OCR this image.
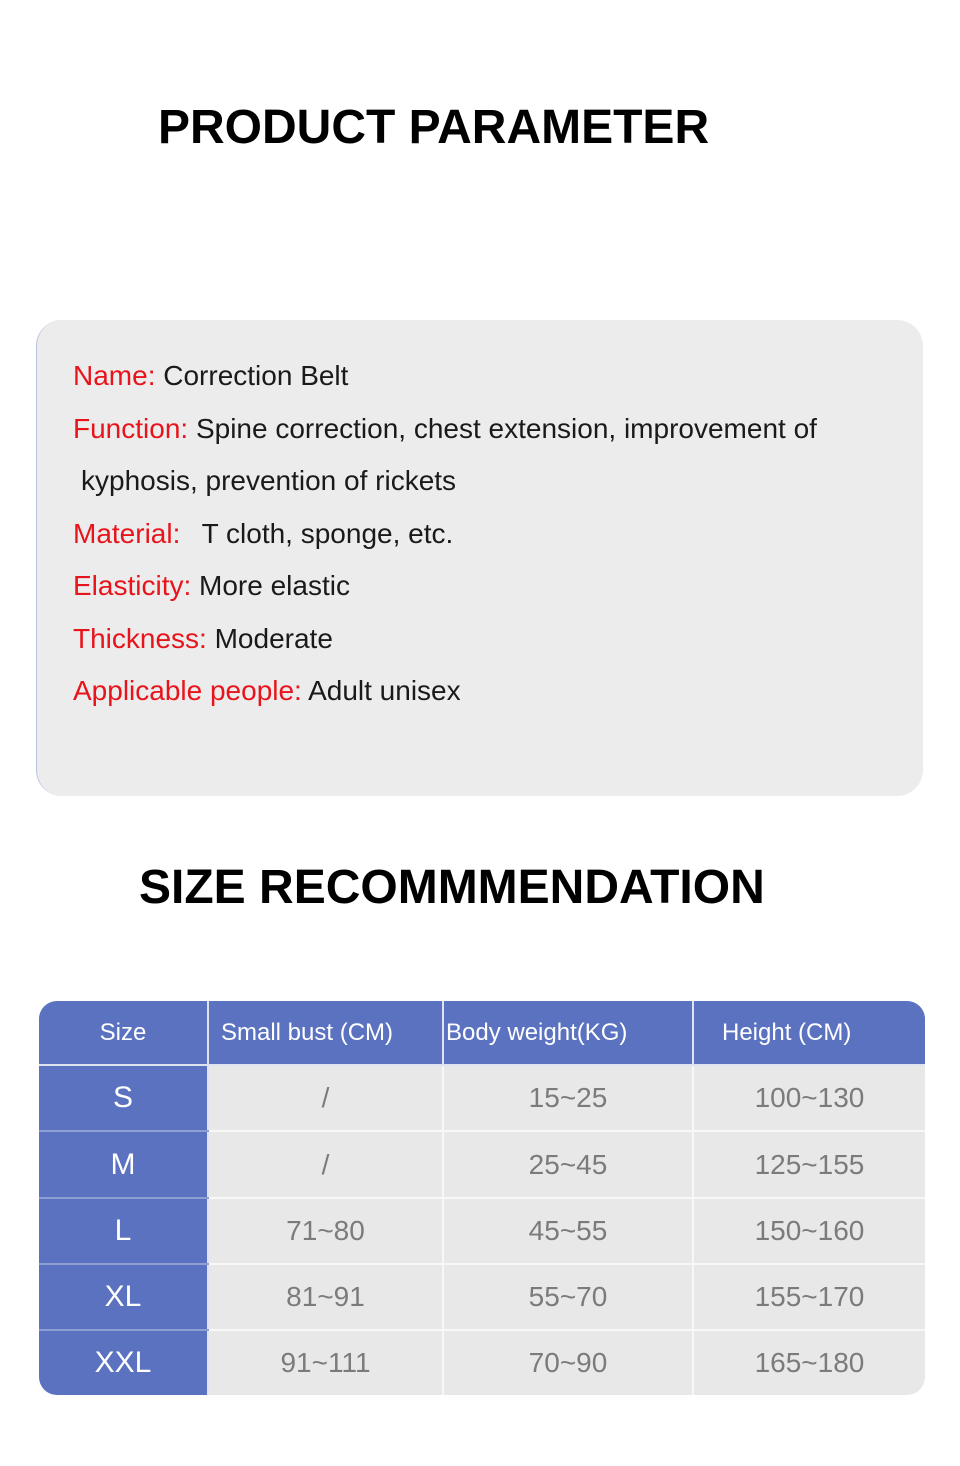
PRODUCT PARAMETER
Name: Correction Belt
Function: Spine correction, chest extension, improvement of
kyphosis, prevention of rickets
Material: T cloth, sponge, etc.
Elasticity: More elastic
Thickness: Moderate
Applicable people: Adult unisex
SIZE RECOMMMENDATION
Size	Small bust (CM)	Body weight(KG)	Height (CM)
S	/	15~25	100~130
M	/	25~45	125~155
L	71~80	45~55	150~160
XL	81~91	55~70	155~170
XXL	91~111	70~90	165~180
